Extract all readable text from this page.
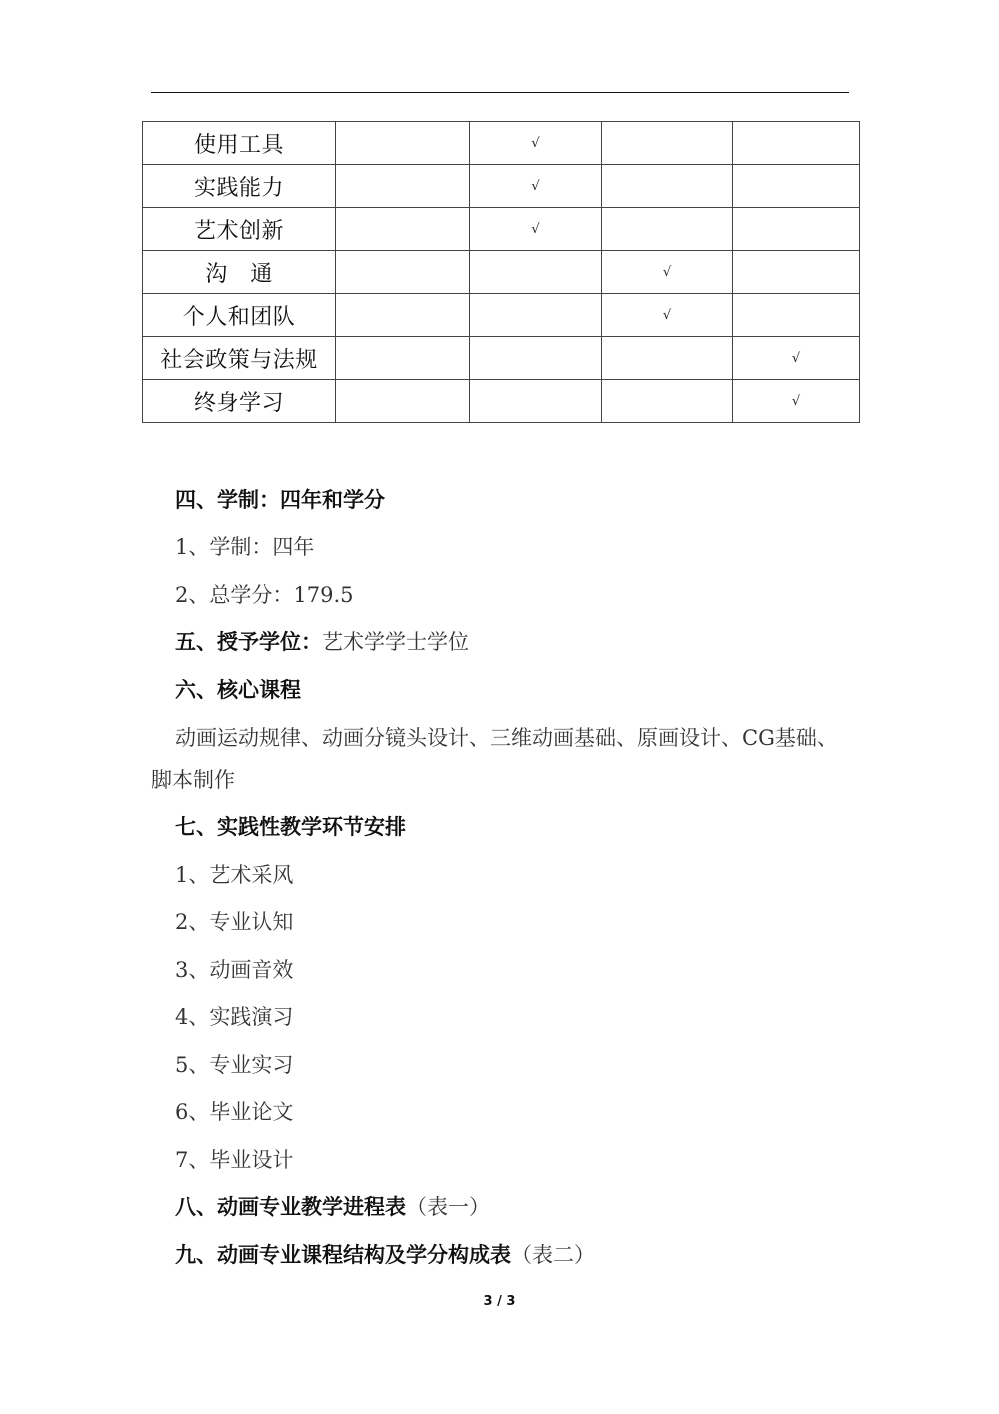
使用工具		√		
实践能力		√		
艺术创新		√		
沟　通			√	
个人和团队			√	
社会政策与法规				√
终身学习				√
四、学制：四年和学分
1、学制：四年
2、总学分：179.5
五、授予学位：艺术学学士学位
六、核心课程
动画运动规律、动画分镜头设计、三维动画基础、原画设计、CG基础、脚本制作
七、实践性教学环节安排
1、艺术采风
2、专业认知
3、动画音效
4、实践演习
5、专业实习
6、毕业论文
7、毕业设计
八、动画专业教学进程表（表一）
九、动画专业课程结构及学分构成表（表二）
3 / 3
